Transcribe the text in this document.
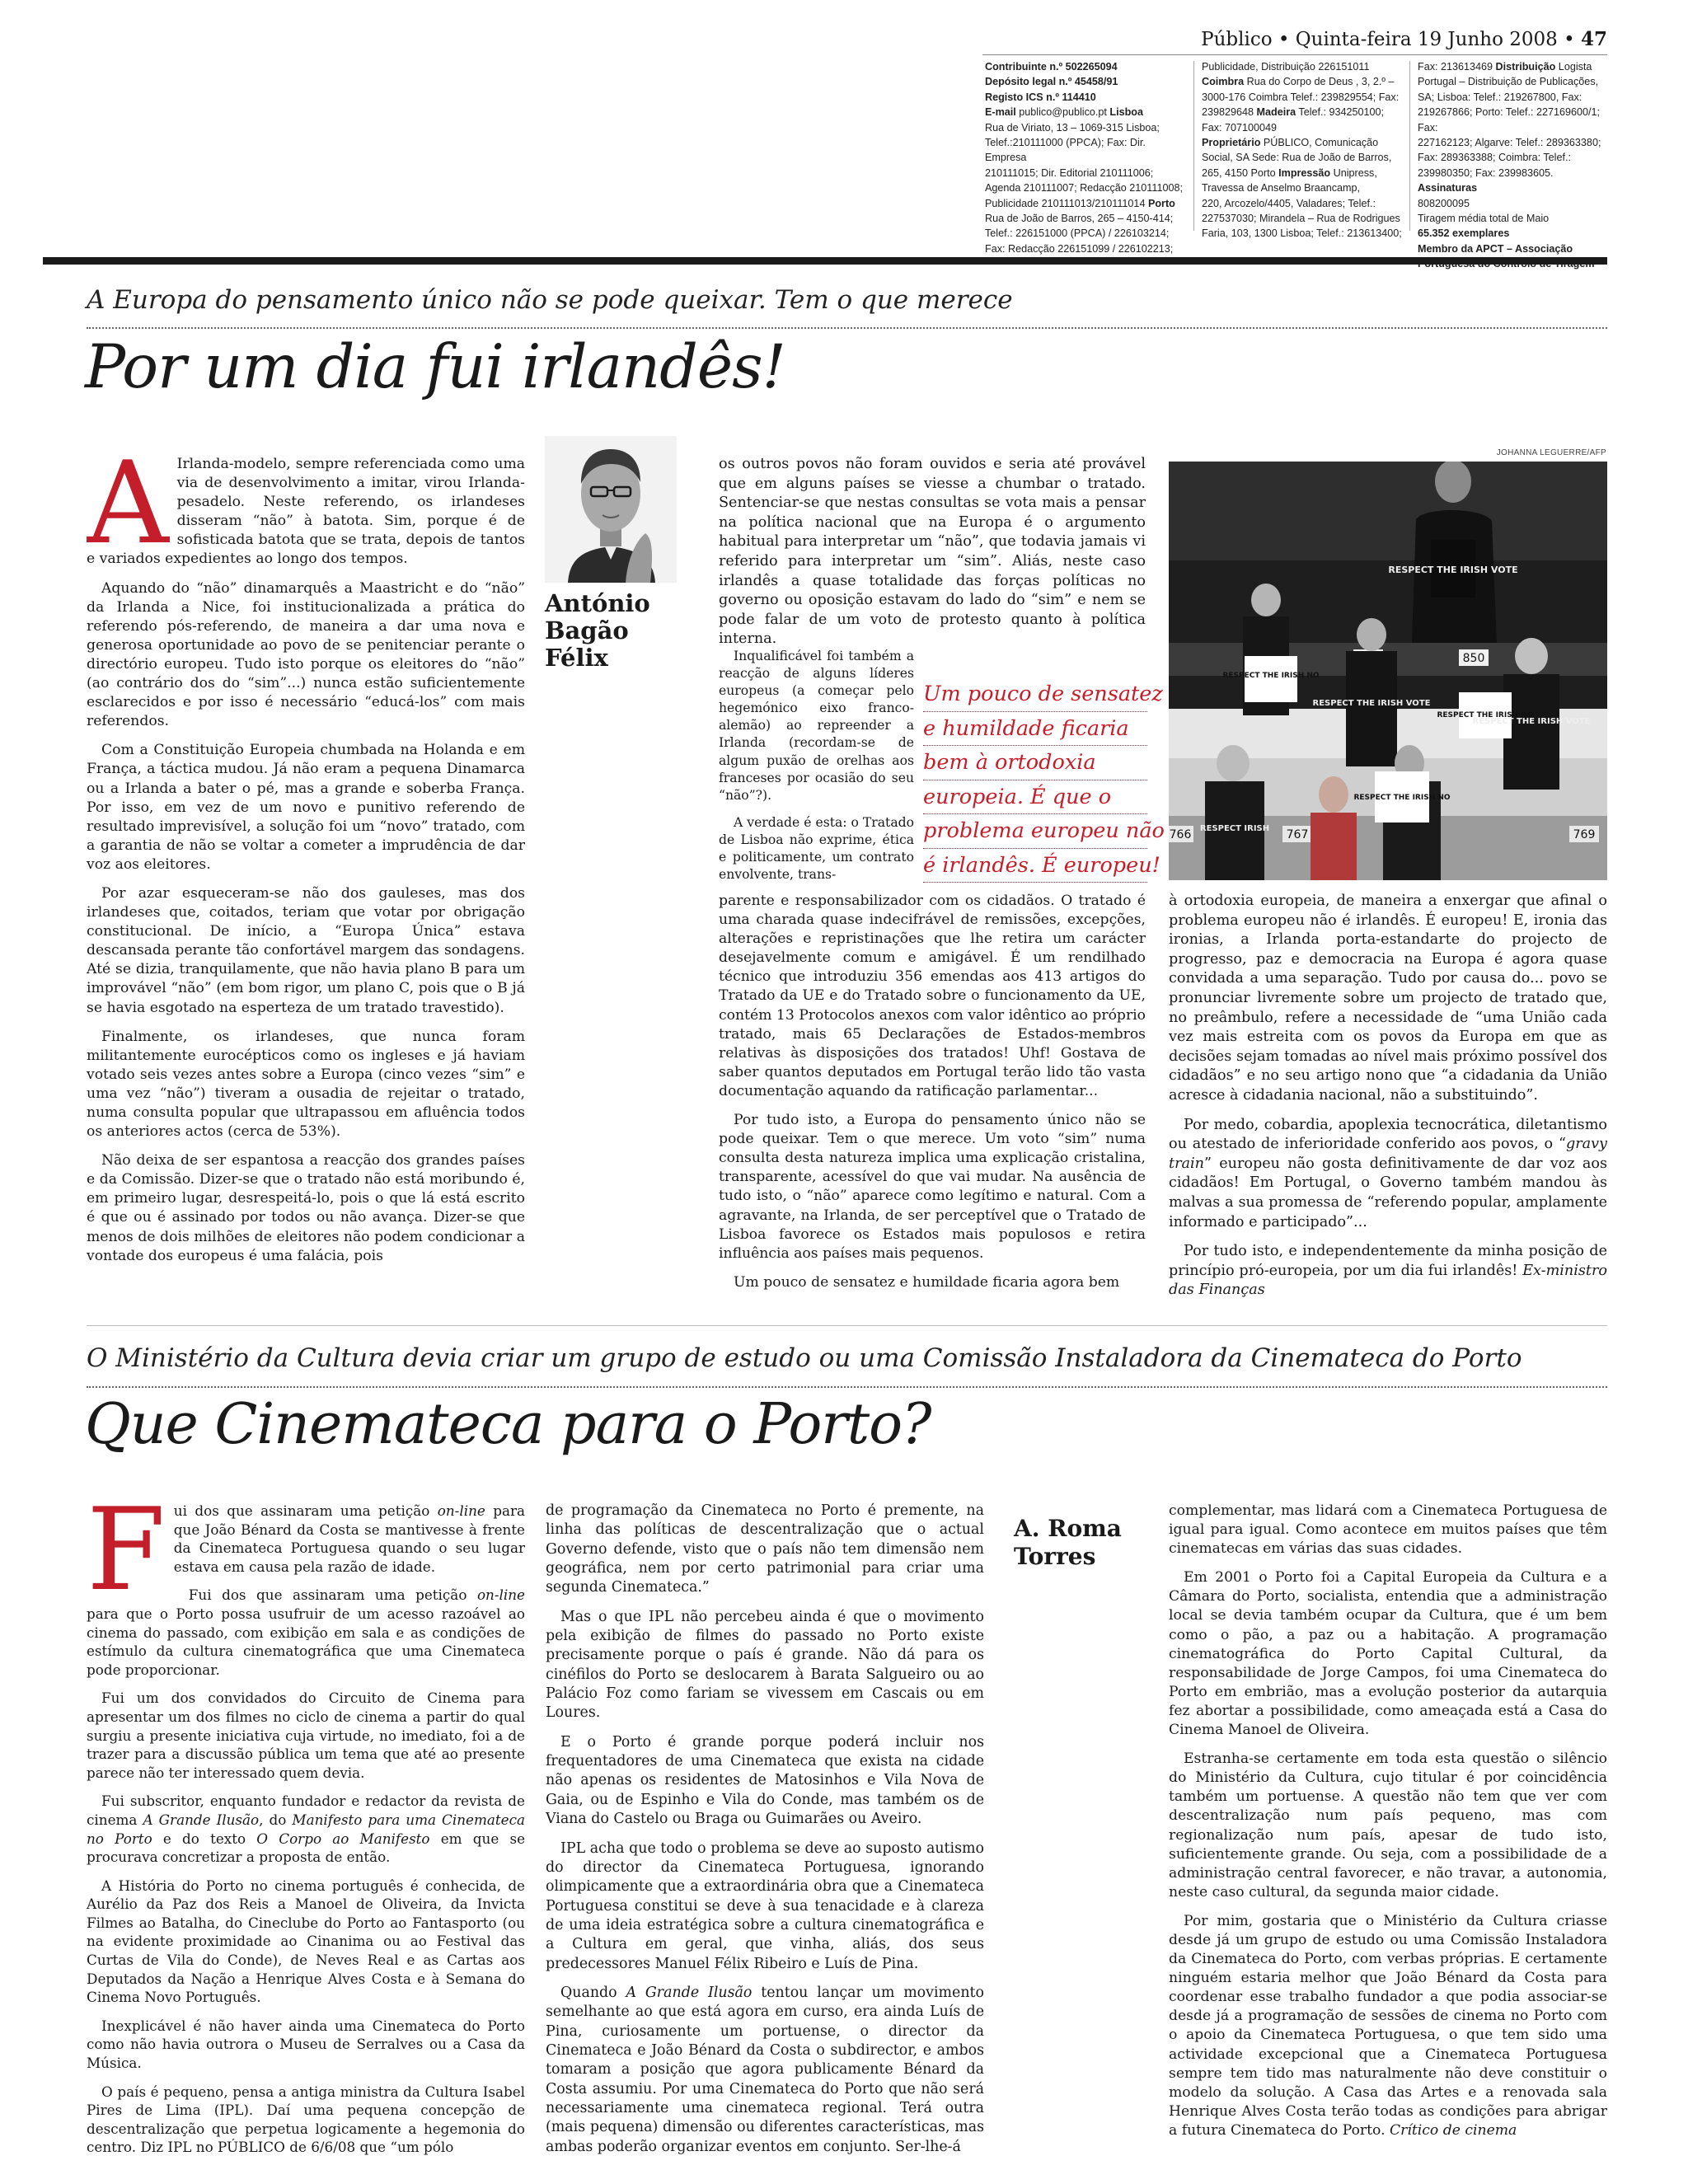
Público • Quinta-feira 19 Junho 2008 • 47
Contribuinte n.º 502265094
Depósito legal n.º 45458/91
Registo ICS n.º 114410
E-mail publico@publico.pt Lisboa
Rua de Viriato, 13 – 1069-315 Lisboa;
Telef.:210111000 (PPCA); Fax: Dir. Empresa
210111015; Dir. Editorial 210111006;
Agenda 210111007; Redacção 210111008;
Publicidade 210111013/210111014 Porto
Rua de João de Barros, 265 – 4150-414;
Telef.: 226151000 (PPCA) / 226103214;
Fax: Redacção 226151099 / 226102213;
Publicidade, Distribuição 226151011
Coimbra Rua do Corpo de Deus , 3, 2.º –
3000-176 Coimbra Telef.: 239829554; Fax:
239829648 Madeira Telef.: 934250100;
Fax: 707100049
Proprietário PÚBLICO, Comunicação
Social, SA Sede: Rua de João de Barros,
265, 4150 Porto Impressão Unipress,
Travessa de Anselmo Braancamp,
220, Arcozelo/4405, Valadares; Telef.:
227537030; Mirandela – Rua de Rodrigues
Faria, 103, 1300 Lisboa; Telef.: 213613400;
Fax: 213613469 Distribuição Logista
Portugal – Distribuição de Publicações,
SA; Lisboa: Telef.: 219267800, Fax:
219267866; Porto: Telef.: 227169600/1; Fax:
227162123; Algarve: Telef.: 289363380;
Fax: 289363388; Coimbra: Telef.:
239980350; Fax: 239983605. Assinaturas
808200095
Tiragem média total de Maio
65.352 exemplares
Membro da APCT – Associação

A Europa do pensamento único não se pode queixar. Tem o que merece
Por um dia fui irlandês!

A Irlanda-modelo, sempre referenciada como uma via de desenvolvimento a imitar, virou Irlanda-pesadelo. Neste referendo, os irlandeses disseram “não” à batota. Sim, porque é de sofisticada batota que se trata, depois de tantos e variados expedientes ao longo dos tempos.

Aquando do “não” dinamarquês a Maastricht e do “não” da Irlanda a Nice, foi institucionalizada a prática do referendo pós-referendo, de maneira a dar uma nova e generosa oportunidade ao povo de se penitenciar perante o directório europeu. Tudo isto porque os eleitores do “não” (ao contrário dos do “sim”...) nunca estão suficientemente esclarecidos e por isso é necessário “educá-los” com mais referendos.

Com a Constituição Europeia chumbada na Holanda e em França, a táctica mudou. Já não eram a pequena Dinamarca ou a Irlanda a bater o pé, mas a grande e soberba França. Por isso, em vez de um novo e punitivo referendo de resultado imprevisível, a solução foi um “novo” tratado, com a garantia de não se voltar a cometer a imprudência de dar voz aos eleitores.

Por azar esqueceram-se não dos gauleses, mas dos irlandeses que, coitados, teriam que votar por obrigação constitucional. De início, a “Europa Única” estava descansada perante tão confortável margem das sondagens. Até se dizia, tranquilamente, que não havia plano B para um improvável “não” (em bom rigor, um plano C, pois que o B já se havia esgotado na esperteza de um tratado travestido).

Finalmente, os irlandeses, que nunca foram militantemente eurocépticos como os ingleses e já haviam votado seis vezes antes sobre a Europa (cinco vezes “sim” e uma vez “não”) tiveram a ousadia de rejeitar o tratado, numa consulta popular que ultrapassou em afluência todos os anteriores actos (cerca de 53%).

Não deixa de ser espantosa a reacção dos grandes países e da Comissão. Dizer-se que o tratado não está moribundo é, em primeiro lugar, desrespeitá-lo, pois o que lá está escrito é que ou é assinado por todos ou não avança. Dizer-se que menos de dois milhões de eleitores não podem condicionar a vontade dos europeus é uma falácia, pois

António
Bagão
Félix

os outros povos não foram ouvidos e seria até provável que em alguns países se viesse a chumbar o tratado. Sentenciar-se que nestas consultas se vota mais a pensar na política nacional que na Europa é o argumento habitual para interpretar um “não”, que todavia jamais vi referido para interpretar um “sim”. Aliás, neste caso irlandês a quase totalidade das forças políticas no governo ou oposição estavam do lado do “sim” e nem se pode falar de um voto de protesto quanto à política interna.

Inqualificável foi também a reacção de alguns líderes europeus (a começar pelo hegemónico eixo franco-alemão) ao repreender a Irlanda (recordam-se de algum puxão de orelhas aos franceses por ocasião do seu “não”?).

A verdade é esta: o Tratado de Lisboa não exprime, ética e politicamente, um contrato envolvente, trans-

Um pouco de sensatez
e humildade ficaria
bem à ortodoxia
europeia. É que o
problema europeu não
é irlandês. É europeu!

parente e responsabilizador com os cidadãos. O tratado é uma charada quase indecifrável de remissões, excepções, alterações e repristinações que lhe retira um carácter desejavelmente comum e amigável. É um rendilhado técnico que introduziu 356 emendas aos 413 artigos do Tratado da UE e do Tratado sobre o funcionamento da UE, contém 13 Protocolos anexos com valor idêntico ao próprio tratado, mais 65 Declarações de Estados-membros relativas às disposições dos tratados! Uhf! Gostava de saber quantos deputados em Portugal terão lido tão vasta documentação aquando da ratificação parlamentar...

Por tudo isto, a Europa do pensamento único não se pode queixar. Tem o que merece. Um voto “sim” numa consulta desta natureza implica uma explicação cristalina, transparente, acessível do que vai mudar. Na ausência de tudo isto, o “não” aparece como legítimo e natural. Com a agravante, na Irlanda, de ser perceptível que o Tratado de Lisboa favorece os Estados mais populosos e retira influência aos países mais pequenos.

Um pouco de sensatez e humildade ficaria agora bem

JOHANNA LEGUERRE/AFP
850
766	767	769
RESPECT THE IRISH NO
RESPECT THE IRISH NO
RESPECT THE IRISH NO
RESPECT THE IRISH VOTE
RESPECT THE IRISH VOTE
RESPECT THE IRISH VOTE
RESPECT IRISH

à ortodoxia europeia, de maneira a enxergar que afinal o problema europeu não é irlandês. É europeu! E, ironia das ironias, a Irlanda porta-estandarte do projecto de progresso, paz e democracia na Europa é agora quase convidada a uma separação. Tudo por causa do... povo se pronunciar livremente sobre um projecto de tratado que, no preâmbulo, refere a necessidade de “uma União cada vez mais estreita com os povos da Europa em que as decisões sejam tomadas ao nível mais próximo possível dos cidadãos” e no seu artigo nono que “a cidadania da União acresce à cidadania nacional, não a substituindo”.

Por medo, cobardia, apoplexia tecnocrática, diletantismo ou atestado de inferioridade conferido aos povos, o “gravy train” europeu não gosta definitivamente de dar voz aos cidadãos! Em Portugal, o Governo também mandou às malvas a sua promessa de “referendo popular, amplamente informado e participado”...

Por tudo isto, e independentemente da minha posição de princípio pró-europeia, por um dia fui irlandês! Ex-ministro das Finanças

O Ministério da Cultura devia criar um grupo de estudo ou uma Comissão Instaladora da Cinemateca do Porto
Que Cinemateca para o Porto?

Fui dos que assinaram uma petição on-line para que João Bénard da Costa se mantivesse à frente da Cinemateca Portuguesa quando o seu lugar estava em causa pela razão de idade.

Fui dos que assinaram uma petição on-line para que o Porto possa usufruir de um acesso razoável ao cinema do passado, com exibição em sala e as condições de estímulo da cultura cinematográfica que uma Cinemateca pode proporcionar.

Fui um dos convidados do Circuito de Cinema para apresentar um dos filmes no ciclo de cinema a partir do qual surgiu a presente iniciativa cuja virtude, no imediato, foi a de trazer para a discussão pública um tema que até ao presente parece não ter interessado quem devia.

Fui subscritor, enquanto fundador e redactor da revista de cinema A Grande Ilusão, do Manifesto para uma Cinemateca no Porto e do texto O Corpo ao Manifesto em que se procurava concretizar a proposta de então.

A História do Porto no cinema português é conhecida, de Aurélio da Paz dos Reis a Manoel de Oliveira, da Invicta Filmes ao Batalha, do Cineclube do Porto ao Fantasporto (ou na evidente proximidade ao Cinanima ou ao Festival das Curtas de Vila do Conde), de Neves Real e as Cartas aos Deputados da Nação a Henrique Alves Costa e à Semana do Cinema Novo Português.

Inexplicável é não haver ainda uma Cinemateca do Porto como não havia outrora o Museu de Serralves ou a Casa da Música.

O país é pequeno, pensa a antiga ministra da Cultura Isabel Pires de Lima (IPL). Daí uma pequena concepção de descentralização que perpetua logicamente a hegemonia do centro. Diz IPL no PÚBLICO de 6/6/08 que “um pólo

de programação da Cinemateca no Porto é premente, na linha das políticas de descentralização que o actual Governo defende, visto que o país não tem dimensão nem geográfica, nem por certo patrimonial para criar uma segunda Cinemateca.”

Mas o que IPL não percebeu ainda é que o movimento pela exibição de filmes do passado no Porto existe precisamente porque o país é grande. Não dá para os cinéfilos do Porto se deslocarem à Barata Salgueiro ou ao Palácio Foz como fariam se vivessem em Cascais ou em Loures.

E o Porto é grande porque poderá incluir nos frequentadores de uma Cinemateca que exista na cidade não apenas os residentes de Matosinhos e Vila Nova de Gaia, ou de Espinho e Vila do Conde, mas também os de Viana do Castelo ou Braga ou Guimarães ou Aveiro.

IPL acha que todo o problema se deve ao suposto autismo do director da Cinemateca Portuguesa, ignorando olimpicamente que a extraordinária obra que a Cinemateca Portuguesa constitui se deve à sua tenacidade e à clareza de uma ideia estratégica sobre a cultura cinematográfica e a Cultura em geral, que vinha, aliás, dos seus predecessores Manuel Félix Ribeiro e Luís de Pina.

Quando A Grande Ilusão tentou lançar um movimento semelhante ao que está agora em curso, era ainda Luís de Pina, curiosamente um portuense, o director da Cinemateca e João Bénard da Costa o subdirector, e ambos tomaram a posição que agora publicamente Bénard da Costa assumiu. Por uma Cinemateca do Porto que não será necessariamente uma cinemateca regional. Terá outra (mais pequena) dimensão ou diferentes características, mas ambas poderão organizar eventos em conjunto. Ser-lhe-á

A. Roma
Torres

complementar, mas lidará com a Cinemateca Portuguesa de igual para igual. Como acontece em muitos países que têm cinematecas em várias das suas cidades.

Em 2001 o Porto foi a Capital Europeia da Cultura e a Câmara do Porto, socialista, entendia que a administração local se devia também ocupar da Cultura, que é um bem como o pão, a paz ou a habitação. A programação cinematográfica do Porto Capital Cultural, da responsabilidade de Jorge Campos, foi uma Cinemateca do Porto em embrião, mas a evolução posterior da autarquia fez abortar a possibilidade, como ameaçada está a Casa do Cinema Manoel de Oliveira.

Estranha-se certamente em toda esta questão o silêncio do Ministério da Cultura, cujo titular é por coincidência também um portuense. A questão não tem que ver com descentralização num país pequeno, mas com regionalização num país, apesar de tudo isto, suficientemente grande. Ou seja, com a possibilidade de a administração central favorecer, e não travar, a autonomia, neste caso cultural, da segunda maior cidade.

Por mim, gostaria que o Ministério da Cultura criasse desde já um grupo de estudo ou uma Comissão Instaladora da Cinemateca do Porto, com verbas próprias. E certamente ninguém estaria melhor que João Bénard da Costa para coordenar esse trabalho fundador a que podia associar-se desde já a programação de sessões de cinema no Porto com o apoio da Cinemateca Portuguesa, o que tem sido uma actividade excepcional que a Cinemateca Portuguesa sempre tem tido mas naturalmente não deve constituir o modelo da solução. A Casa das Artes e a renovada sala Henrique Alves Costa terão todas as condições para abrigar a futura Cinemateca do Porto. Crítico de cinema
